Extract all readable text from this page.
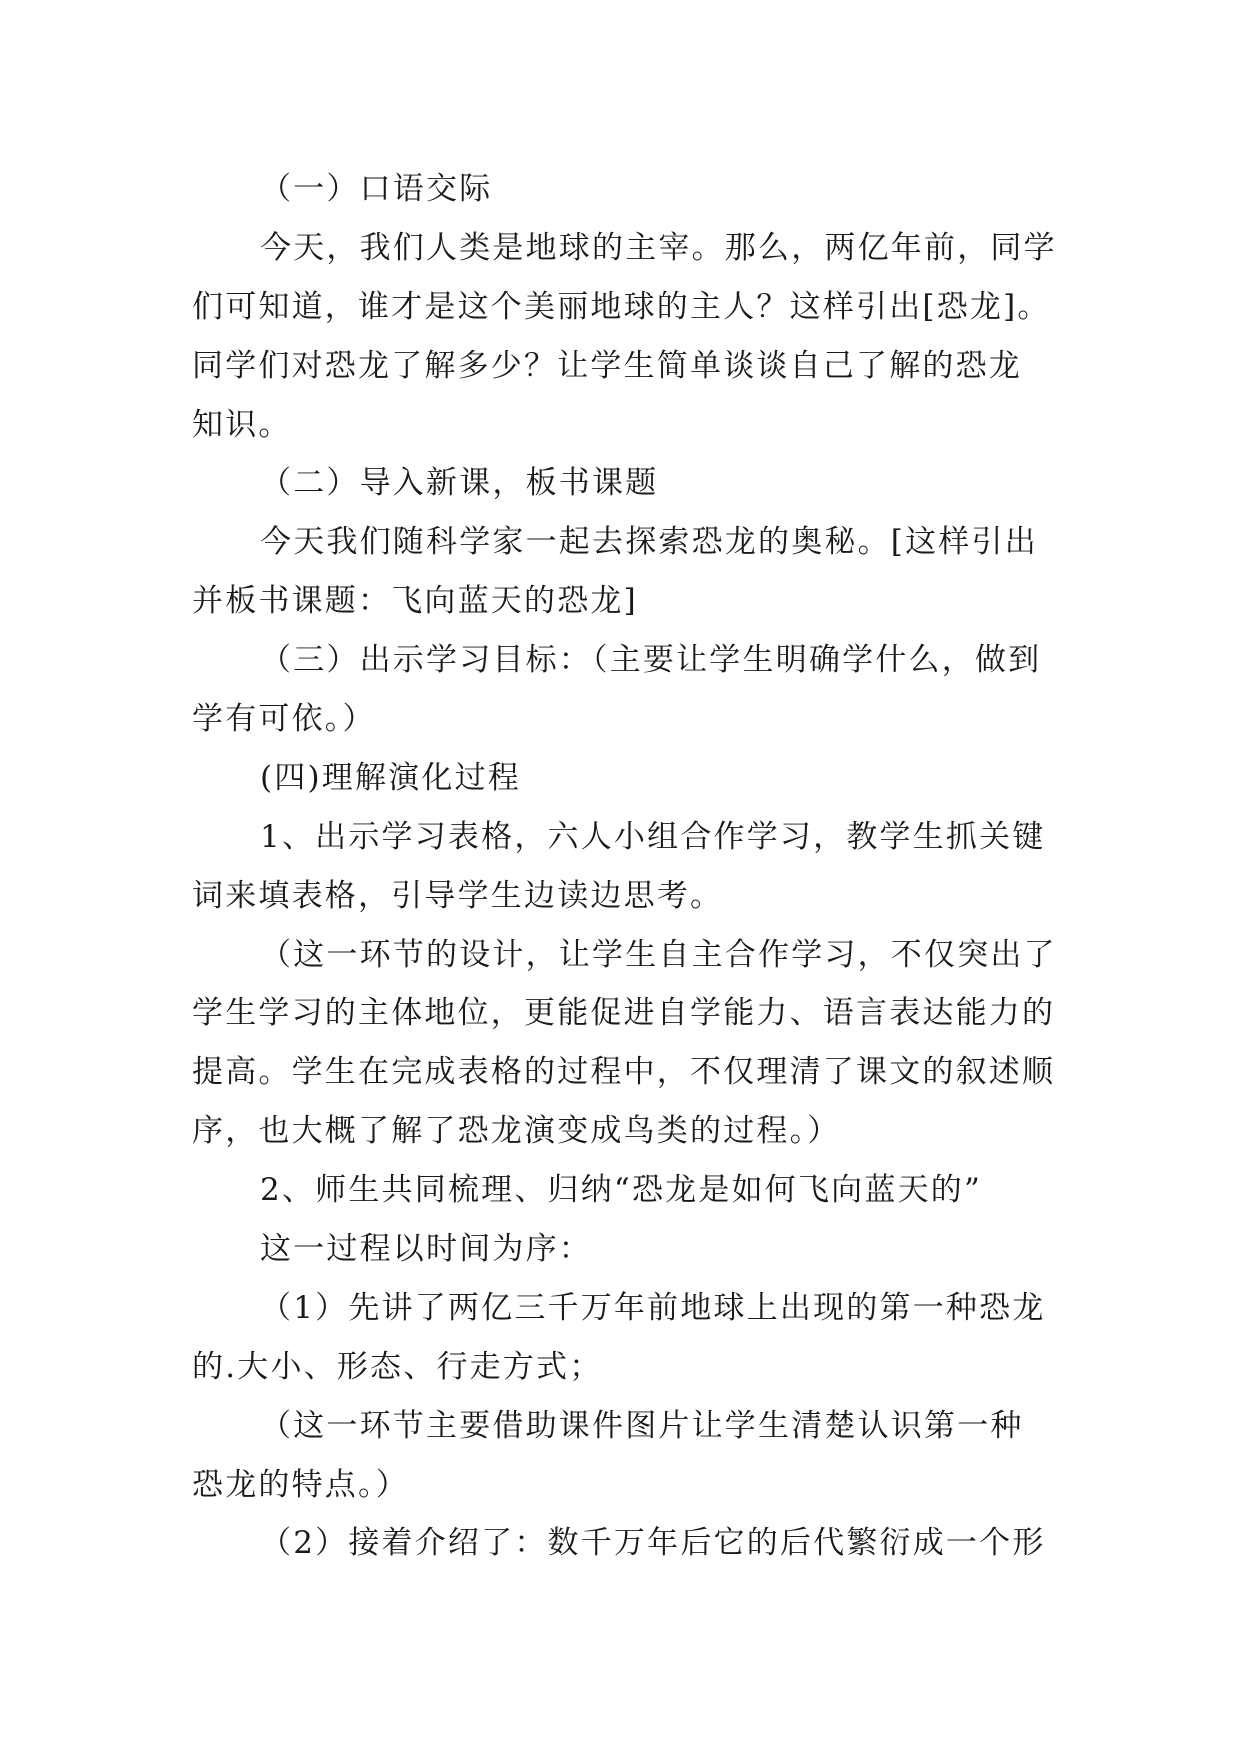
（一）口语交际
今天，我们人类是地球的主宰。那么，两亿年前，同学
们可知道，谁才是这个美丽地球的主人？这样引出[恐龙]。
同学们对恐龙了解多少？让学生简单谈谈自己了解的恐龙
知识。
（二）导入新课，板书课题
今天我们随科学家一起去探索恐龙的奥秘。[这样引出
并板书课题：飞向蓝天的恐龙]
（三）出示学习目标：（主要让学生明确学什么，做到
学有可依。）
(四)理解演化过程
1、出示学习表格，六人小组合作学习，教学生抓关键
词来填表格，引导学生边读边思考。
（这一环节的设计，让学生自主合作学习，不仅突出了
学生学习的主体地位，更能促进自学能力、语言表达能力的
提高。学生在完成表格的过程中，不仅理清了课文的叙述顺
序，也大概了解了恐龙演变成鸟类的过程。）
2、师生共同梳理、归纳“恐龙是如何飞向蓝天的”
这一过程以时间为序：
（1）先讲了两亿三千万年前地球上出现的第一种恐龙
的.大小、形态、行走方式；
（这一环节主要借助课件图片让学生清楚认识第一种
恐龙的特点。）
（2）接着介绍了：数千万年后它的后代繁衍成一个形
